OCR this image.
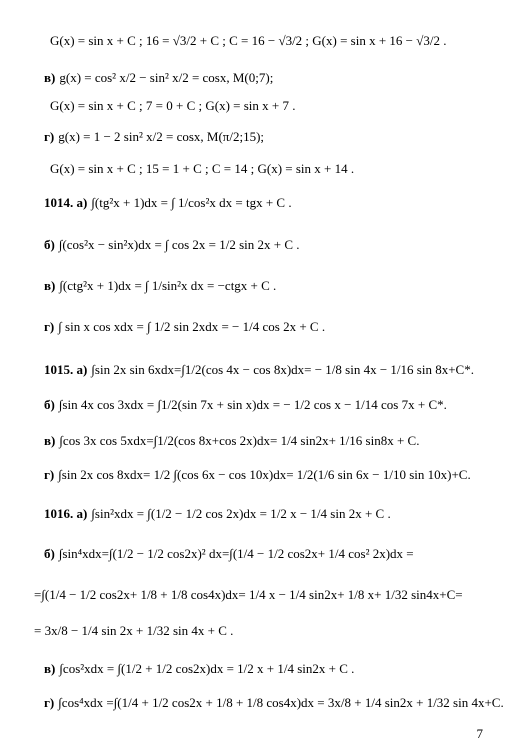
G(x) = sin x + C ; 16 = √3/2 + C ; C = 16 − √3/2 ; G(x) = sin x + 16 − √3/2 .
в) g(x) = cos² x/2 − sin² x/2 = cosx, M(0;7);
G(x) = sin x + C ; 7 = 0 + C ; G(x) = sin x + 7 .
г) g(x) = 1 − 2 sin² x/2 = cosx, M(π/2;15);
G(x) = sin x + C ; 15 = 1 + C ; C = 14 ; G(x) = sin x + 14 .
1014. а) ∫(tg²x + 1)dx = ∫ 1/cos²x dx = tgx + C .
б) ∫(cos²x − sin²x)dx = ∫ cos 2x = 1/2 sin 2x + C .
в) ∫(ctg²x + 1)dx = ∫ 1/sin²x dx = −ctgx + C .
г) ∫ sin x cos xdx = ∫ 1/2 sin 2xdx = − 1/4 cos 2x + C .
1015. а) ∫sin 2x sin 6xdx=∫1/2(cos 4x − cos 8x)dx= − 1/8 sin 4x − 1/16 sin 8x+C*.
б) ∫sin 4x cos 3xdx = ∫1/2(sin 7x + sin x)dx = − 1/2 cos x − 1/14 cos 7x + C*.
в) ∫cos 3x cos 5xdx=∫1/2(cos 8x+cos 2x)dx= 1/4 sin2x+ 1/16 sin8x + C.
г) ∫sin 2x cos 8xdx= 1/2 ∫(cos 6x − cos 10x)dx= 1/2(1/6 sin 6x − 1/10 sin 10x)+C.
1016. а) ∫sin²xdx = ∫(1/2 − 1/2 cos 2x)dx = 1/2 x − 1/4 sin 2x + C .
б) ∫sin⁴xdx=∫(1/2 − 1/2 cos2x)² dx=∫(1/4 − 1/2 cos2x+ 1/4 cos² 2x)dx =
=∫(1/4 − 1/2 cos2x+ 1/8 + 1/8 cos4x)dx= 1/4 x − 1/4 sin2x+ 1/8 x+ 1/32 sin4x+C=
= 3x/8 − 1/4 sin 2x + 1/32 sin 4x + C .
в) ∫cos²xdx = ∫(1/2 + 1/2 cos2x)dx = 1/2 x + 1/4 sin2x + C .
г) ∫cos⁴xdx =∫(1/4 + 1/2 cos2x + 1/8 + 1/8 cos4x)dx = 3x/8 + 1/4 sin2x + 1/32 sin 4x+C.
7
